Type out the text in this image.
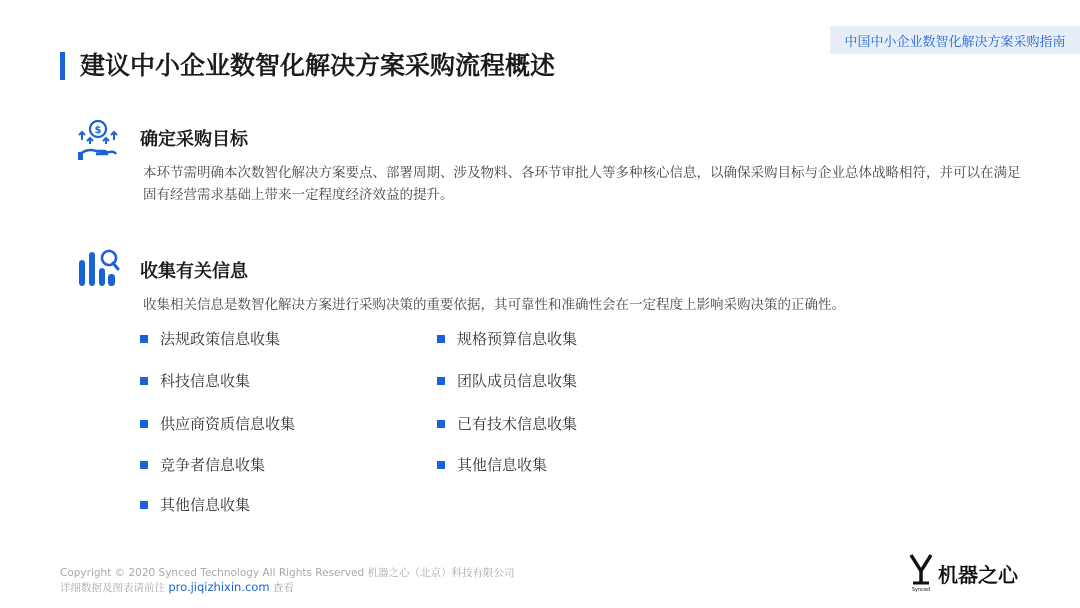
中国中小企业数智化解决方案采购指南
建议中小企业数智化解决方案采购流程概述
$ 确定采购目标
本环节需明确本次数智化解决方案要点、部署周期、涉及物料、各环节审批人等多种核心信息，以确保采购目标与企业总体战略相符，并可以在满足固有经营需求基础上带来一定程度经济效益的提升。
收集有关信息
收集相关信息是数智化解决方案进行采购决策的重要依据，其可靠性和准确性会在一定程度上影响采购决策的正确性。
法规政策信息收集
科技信息收集
供应商资质信息收集
竞争者信息收集
其他信息收集
规格预算信息收集
团队成员信息收集
已有技术信息收集
其他信息收集
Copyright © 2020 Synced Technology All Rights Reserved 机器之心（北京）科技有限公司
详细数据及图表请前往 pro.jiqizhixin.com 查看	Synced
机器之心
